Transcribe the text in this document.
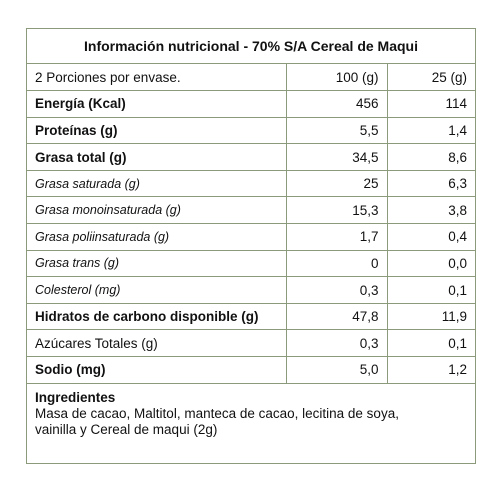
Información nutricional - 70% S/A Cereal de Maqui
2 Porciones por envase.	100 (g)	25 (g)
Energía (Kcal)	456	114
Proteínas (g)	5,5	1,4
Grasa total (g)	34,5	8,6
Grasa saturada (g)	25	6,3
Grasa monoinsaturada (g)	15,3	3,8
Grasa poliinsaturada (g)	1,7	0,4
Grasa trans (g)	0	0,0
Colesterol (mg)	0,3	0,1
Hidratos de carbono disponible (g)	47,8	11,9
Azúcares Totales (g)	0,3	0,1
Sodio (mg)	5,0	1,2
Ingredientes
Masa de cacao, Maltitol, manteca de cacao, lecitina de soya,
vainilla y Cereal de maqui (2g)
